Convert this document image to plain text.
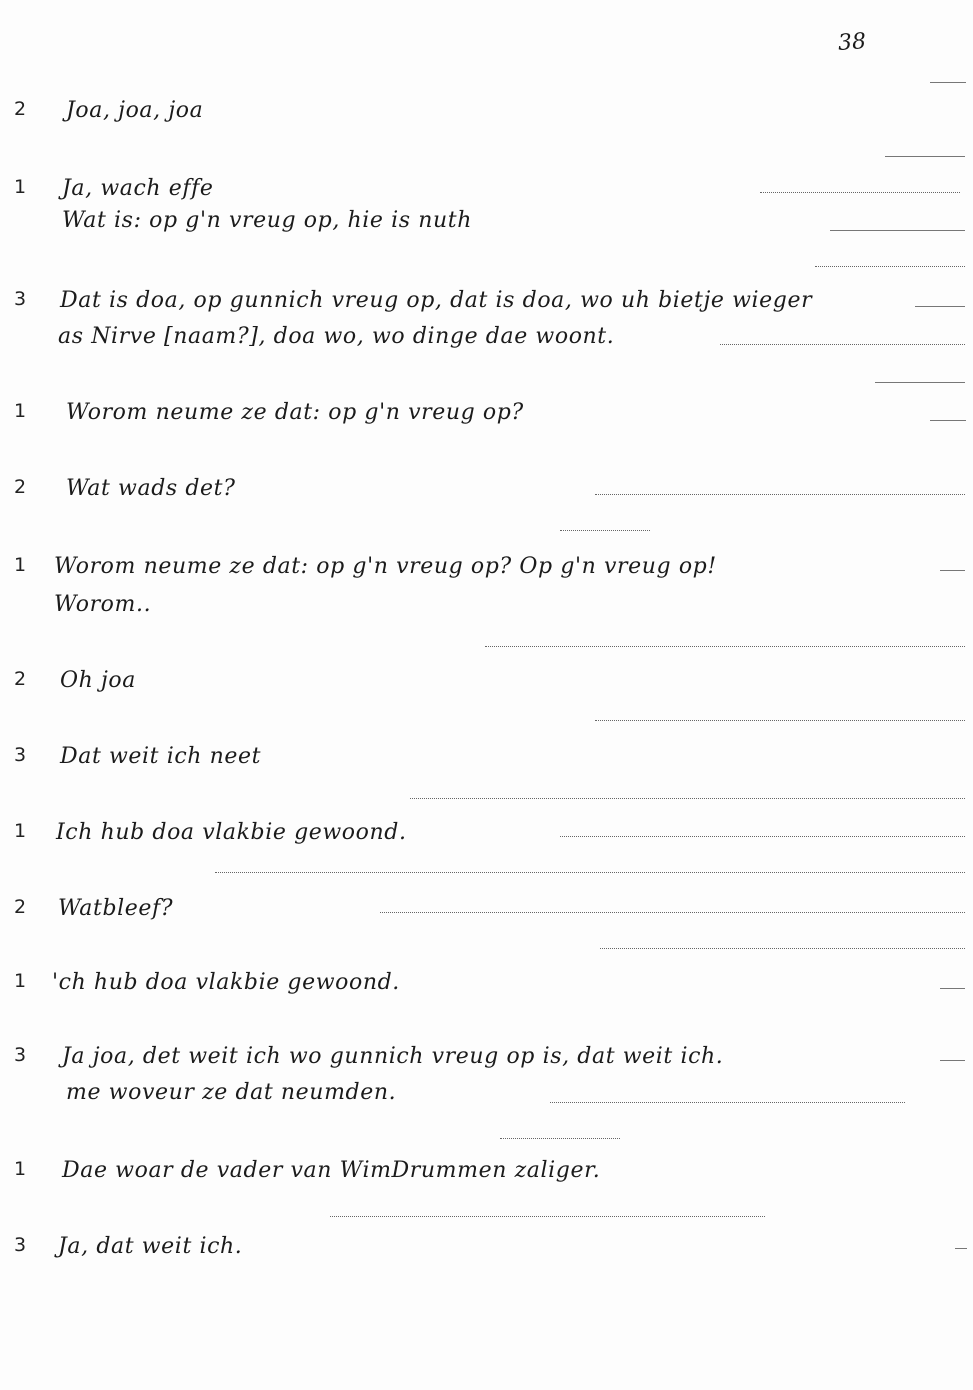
38
2 Joa, joa, joa
1 Ja, wach effe
Wat is: op g'n vreug op, hie is nuth
3 Dat is doa, op gunnich vreug op, dat is doa, wo uh bietje wieger
as Nirve [naam?], doa wo, wo dinge dae woont.
1 Worom neume ze dat: op g'n vreug op?
2 Wat wads det?
1 Worom neume ze dat: op g'n vreug op? Op g'n vreug op!
Worom..
2 Oh joa
3 Dat weit ich neet
1 Ich hub doa vlakbie gewoond.
2 Watbleef?
1 'ch hub doa vlakbie gewoond.
3 Ja joa, det weit ich wo gunnich vreug op is, dat weit ich.
me woveur ze dat neumden.
1 Dae woar de vader van WimDrummen zaliger.
3 Ja, dat weit ich.
